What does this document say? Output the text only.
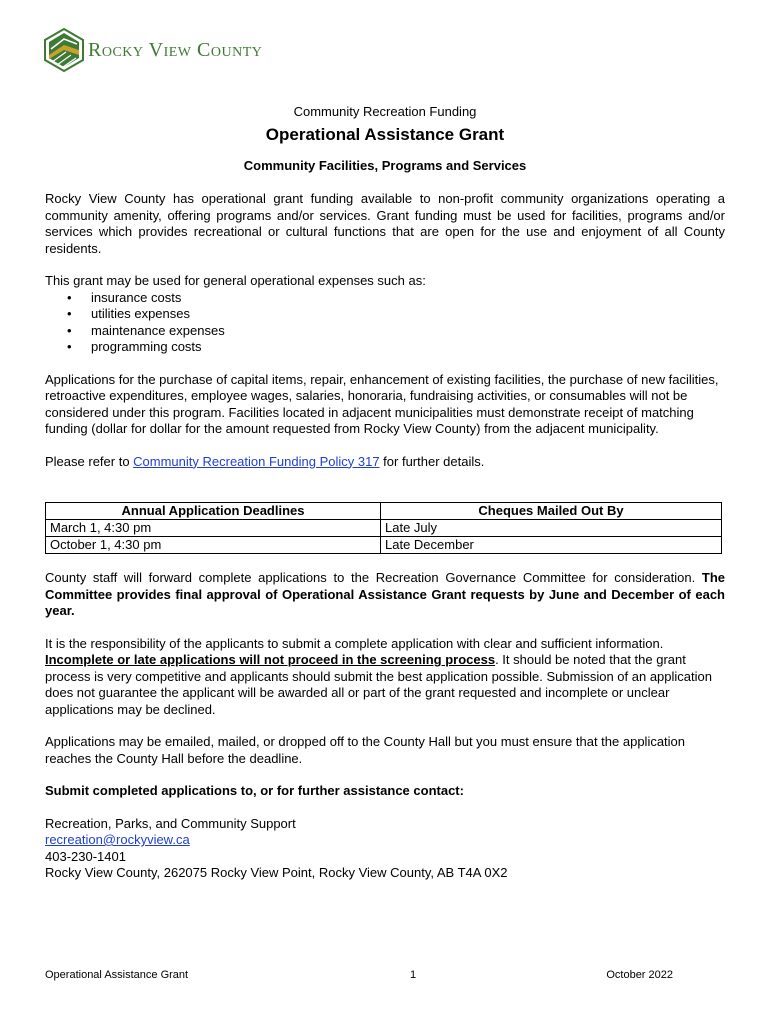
Rocky View County

Community Recreation Funding

Operational Assistance Grant

Community Facilities, Programs and Services

Rocky View County has operational grant funding available to non-profit community organizations operating a community amenity, offering programs and/or services. Grant funding must be used for facilities, programs and/or services which provides recreational or cultural functions that are open for the use and enjoyment of all County residents.

This grant may be used for general operational expenses such as:

• insurance costs
• utilities expenses
• maintenance expenses
• programming costs

Applications for the purchase of capital items, repair, enhancement of existing facilities, the purchase of new facilities, retroactive expenditures, employee wages, salaries, honoraria, fundraising activities, or consumables will not be considered under this program. Facilities located in adjacent municipalities must demonstrate receipt of matching funding (dollar for dollar for the amount requested from Rocky View County) from the adjacent municipality.

Please refer to Community Recreation Funding Policy 317 for further details.

Annual Application Deadlines	Cheques Mailed Out By
March 1, 4:30 pm	Late July
October 1, 4:30 pm	Late December

County staff will forward complete applications to the Recreation Governance Committee for consideration. The Committee provides final approval of Operational Assistance Grant requests by June and December of each year.

It is the responsibility of the applicants to submit a complete application with clear and sufficient information. Incomplete or late applications will not proceed in the screening process. It should be noted that the grant process is very competitive and applicants should submit the best application possible. Submission of an application does not guarantee the applicant will be awarded all or part of the grant requested and incomplete or unclear applications may be declined.

Applications may be emailed, mailed, or dropped off to the County Hall but you must ensure that the application reaches the County Hall before the deadline.

Submit completed applications to, or for further assistance contact:

Recreation, Parks, and Community Support

recreation@rockyview.ca

403-230-1401

Rocky View County, 262075 Rocky View Point, Rocky View County, AB T4A 0X2

Operational Assistance Grant	1	October 2022
